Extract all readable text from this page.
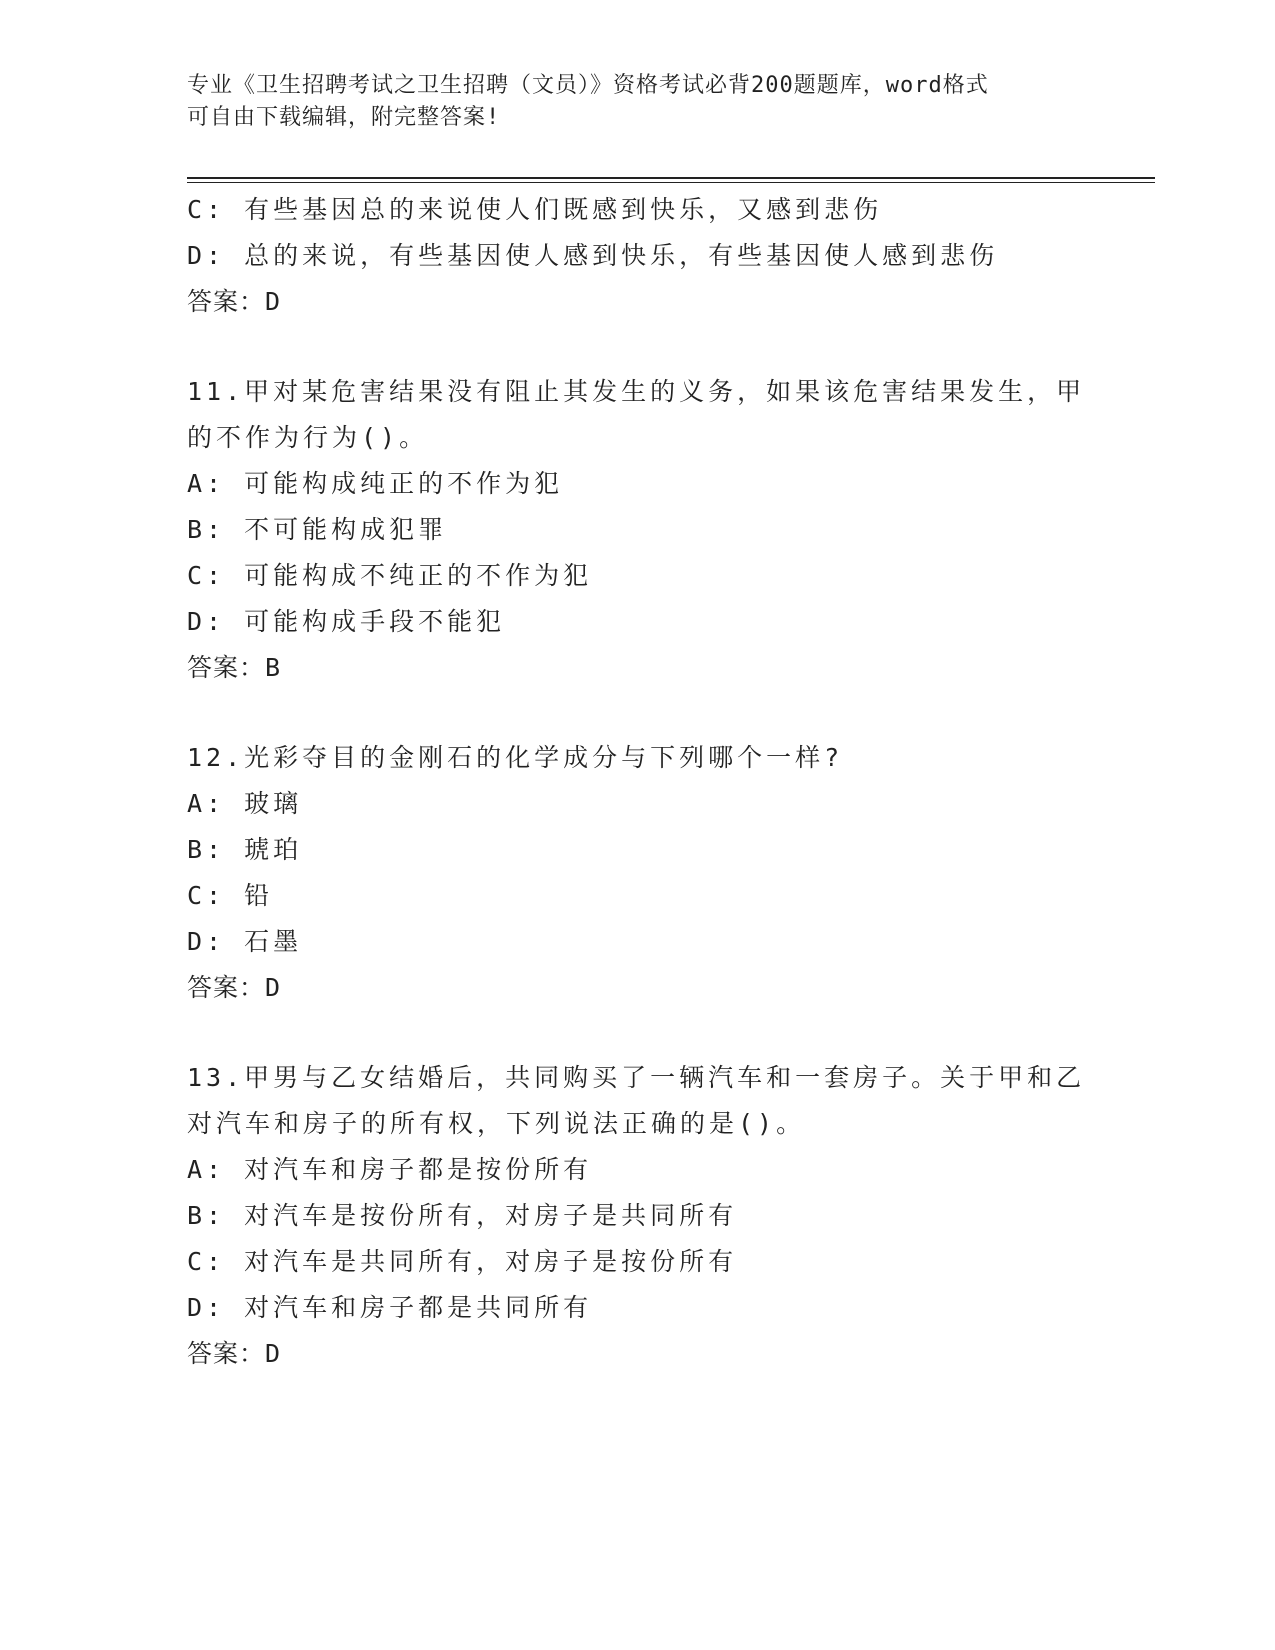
专业《卫生招聘考试之卫生招聘（文员）》资格考试必背200题题库，word格式
可自由下载编辑，附完整答案!
C: 有些基因总的来说使人们既感到快乐，又感到悲伤
D: 总的来说，有些基因使人感到快乐，有些基因使人感到悲伤
答案：D
11.甲对某危害结果没有阻止其发生的义务，如果该危害结果发生，甲
的不作为行为()。
A: 可能构成纯正的不作为犯
B: 不可能构成犯罪
C: 可能构成不纯正的不作为犯
D: 可能构成手段不能犯
答案：B
12.光彩夺目的金刚石的化学成分与下列哪个一样?
A: 玻璃
B: 琥珀
C: 铅
D: 石墨
答案：D
13.甲男与乙女结婚后，共同购买了一辆汽车和一套房子。关于甲和乙
对汽车和房子的所有权，下列说法正确的是()。
A: 对汽车和房子都是按份所有
B: 对汽车是按份所有，对房子是共同所有
C: 对汽车是共同所有，对房子是按份所有
D: 对汽车和房子都是共同所有
答案：D
